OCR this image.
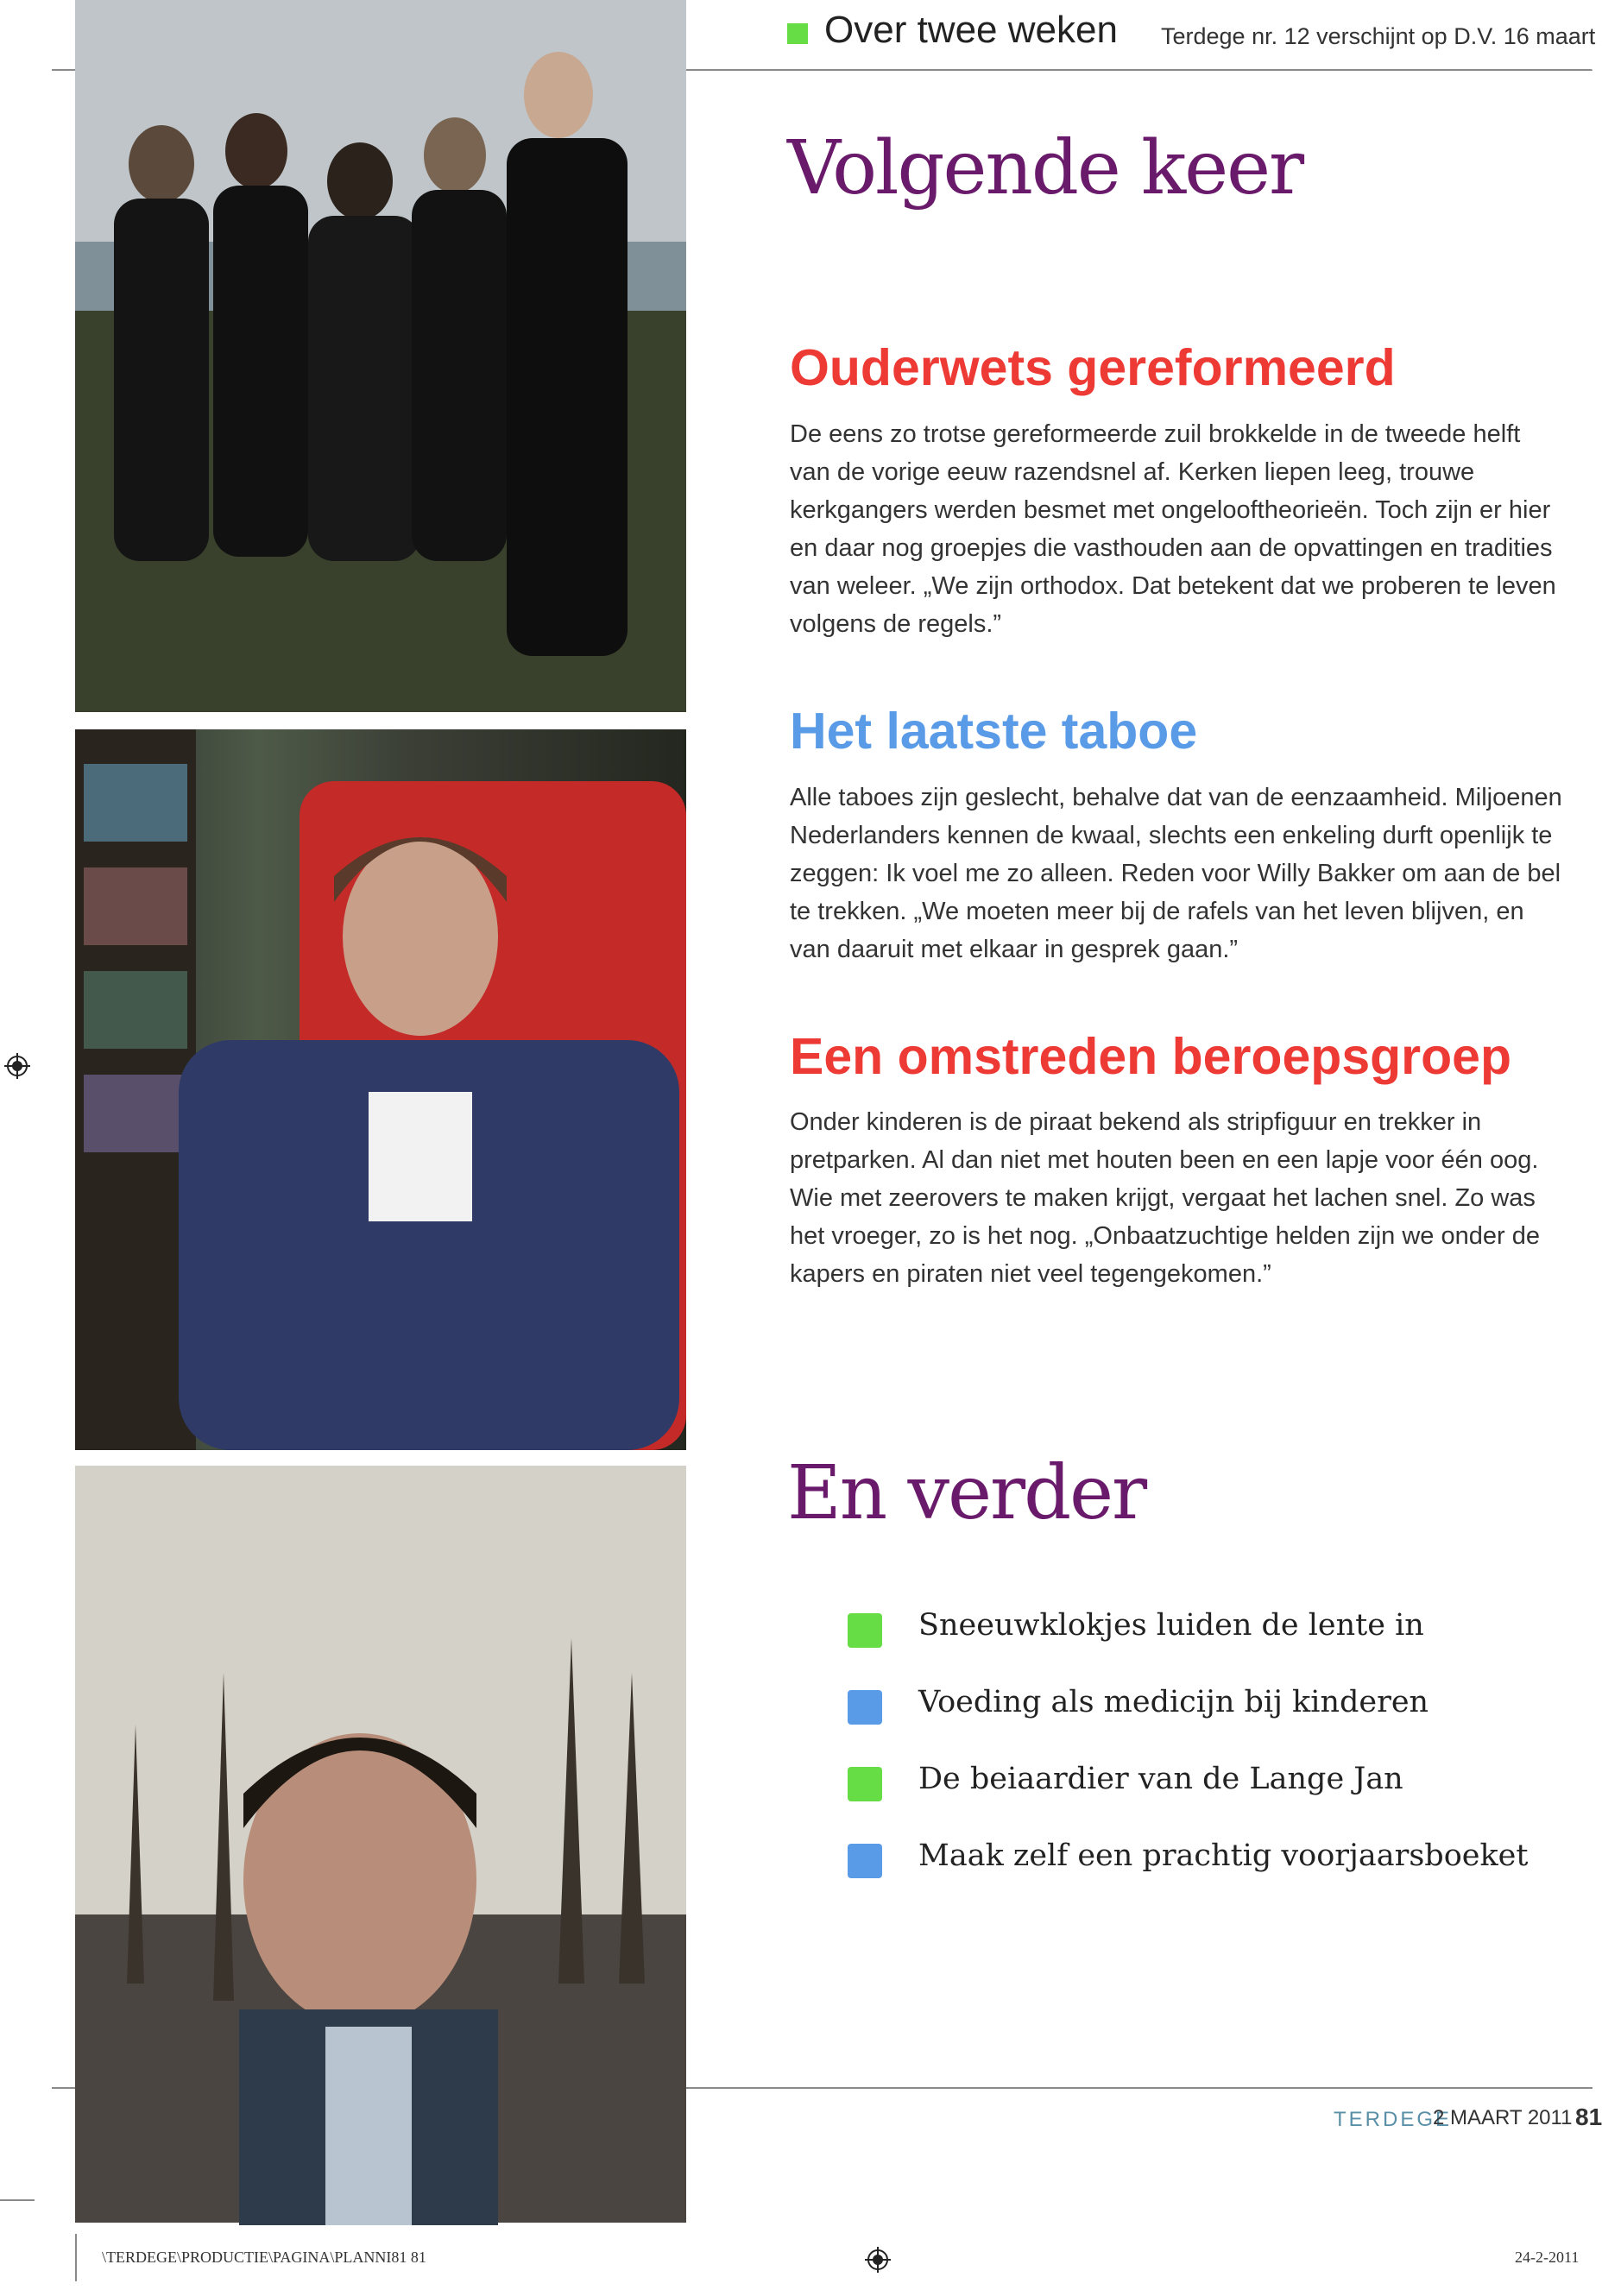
Over twee weken Terdege nr. 12 verschijnt op D.V. 16 maart
Volgende keer
Ouderwets gereformeerd
De eens zo trotse gereformeerde zuil brokkelde in de tweede helft van de vorige eeuw razendsnel af. Kerken liepen leeg, trouwe kerkgangers werden besmet met ongelooftheorieën. Toch zijn er hier en daar nog groepjes die vasthouden aan de opvattingen en tradities van weleer. „We zijn orthodox. Dat betekent dat we proberen te leven volgens de regels.”
Het laatste taboe
Alle taboes zijn geslecht, behalve dat van de eenzaamheid. Miljoenen Nederlanders kennen de kwaal, slechts een enkeling durft openlijk te zeggen: Ik voel me zo alleen. Reden voor Willy Bakker om aan de bel te trekken. „We moeten meer bij de rafels van het leven blijven, en van daaruit met elkaar in gesprek gaan.”
Een omstreden beroepsgroep
Onder kinderen is de piraat bekend als stripfiguur en trekker in pretparken. Al dan niet met houten been en een lapje voor één oog. Wie met zeerovers te maken krijgt, vergaat het lachen snel. Zo was het vroeger, zo is het nog. „Onbaatzuchtige helden zijn we onder de kapers en piraten niet veel tegengekomen.”
En verder
Sneeuwklokjes luiden de lente in
Voeding als medicijn bij kinderen
De beiaardier van de Lange Jan
Maak zelf een prachtig voorjaarsboeket
TERDEGE
2 MAART 2011 81
\TERDEGE\PRODUCTIE\PAGINA\PLANNI81 81	24-2-2011
